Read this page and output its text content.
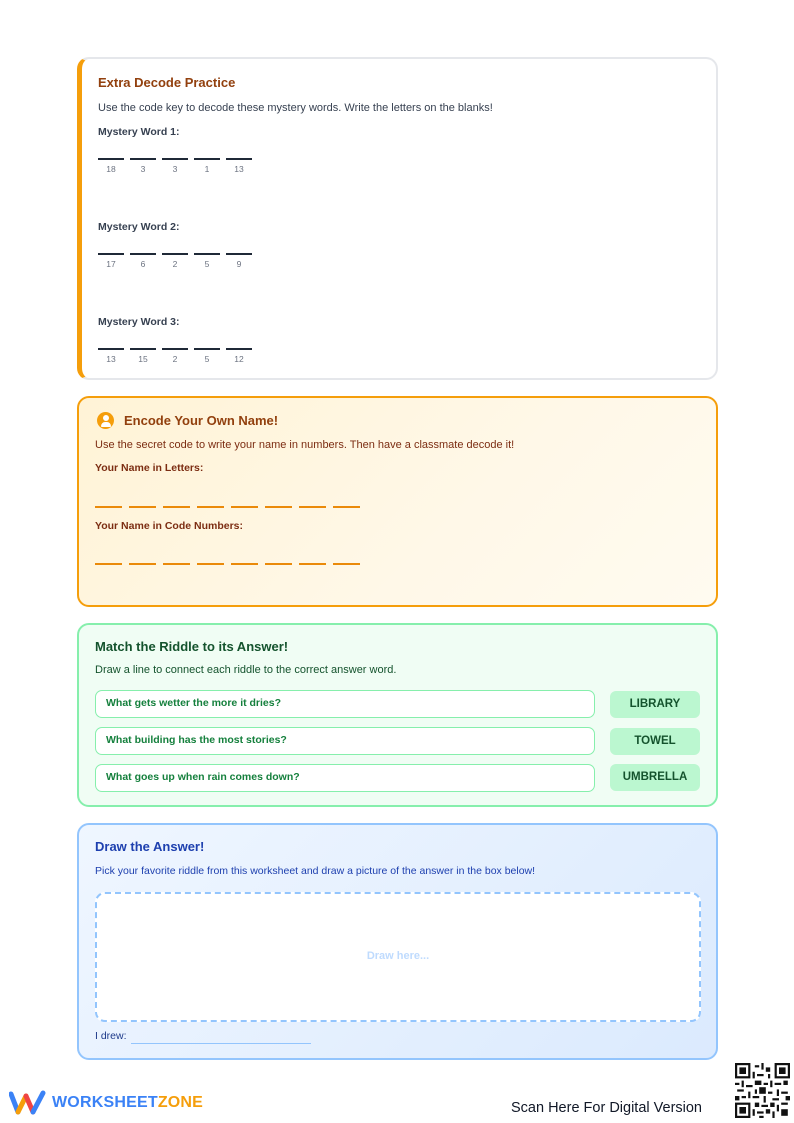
Extra Decode Practice
Use the code key to decode these mystery words. Write the letters on the blanks!
Mystery Word 1:
18	3	3	1	13
Mystery Word 2:
17	6	2	5	9
Mystery Word 3:
13	15	2	5	12
Encode Your Own Name!
Use the secret code to write your name in numbers. Then have a classmate decode it!
Your Name in Letters:
Your Name in Code Numbers:
Match the Riddle to its Answer!
Draw a line to connect each riddle to the correct answer word.
What gets wetter the more it dries?
What building has the most stories?
What goes up when rain comes down?
LIBRARY
TOWEL
UMBRELLA
Draw the Answer!
Pick your favorite riddle from this worksheet and draw a picture of the answer in the box below!
Draw here...
I drew:
WORKSHEETZONE	Scan Here For Digital Version
